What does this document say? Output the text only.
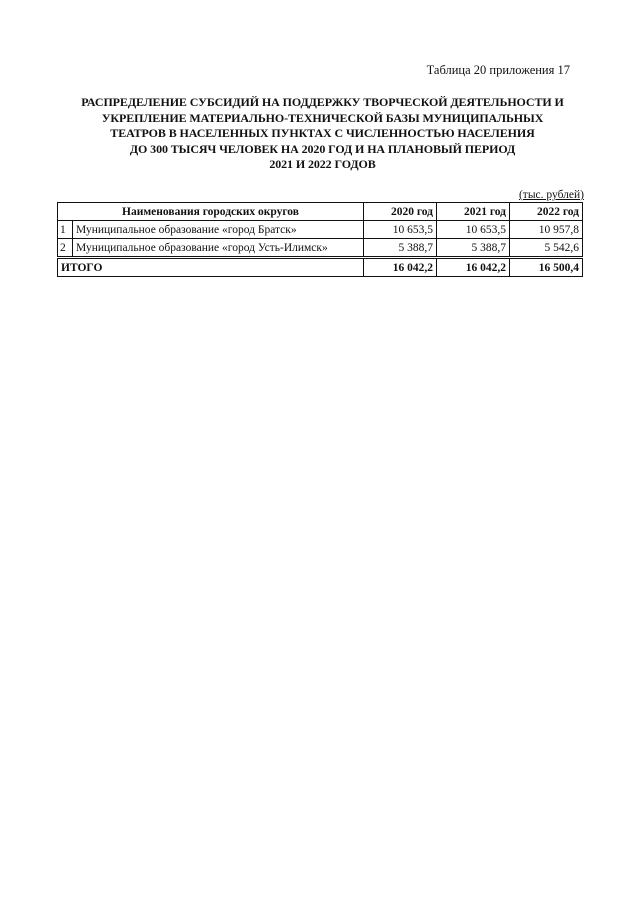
Таблица 20 приложения 17
РАСПРЕДЕЛЕНИЕ СУБСИДИЙ НА ПОДДЕРЖКУ ТВОРЧЕСКОЙ ДЕЯТЕЛЬНОСТИ И
УКРЕПЛЕНИЕ МАТЕРИАЛЬНО-ТЕХНИЧЕСКОЙ БАЗЫ МУНИЦИПАЛЬНЫХ
ТЕАТРОВ В НАСЕЛЕННЫХ ПУНКТАХ С ЧИСЛЕННОСТЬЮ НАСЕЛЕНИЯ
ДО 300 ТЫСЯЧ ЧЕЛОВЕК НА 2020 ГОД И НА ПЛАНОВЫЙ ПЕРИОД
2021 И 2022 ГОДОВ
(тыс. рублей)
Наименования городских округов		2020 год	2021 год	2022 год
1	Муниципальное образование «город Братск»	10 653,5	10 653,5	10 957,8
2	Муниципальное образование «город Усть-Илимск»	5 388,7	5 388,7	5 542,6
ИТОГО		16 042,2	16 042,2	16 500,4
